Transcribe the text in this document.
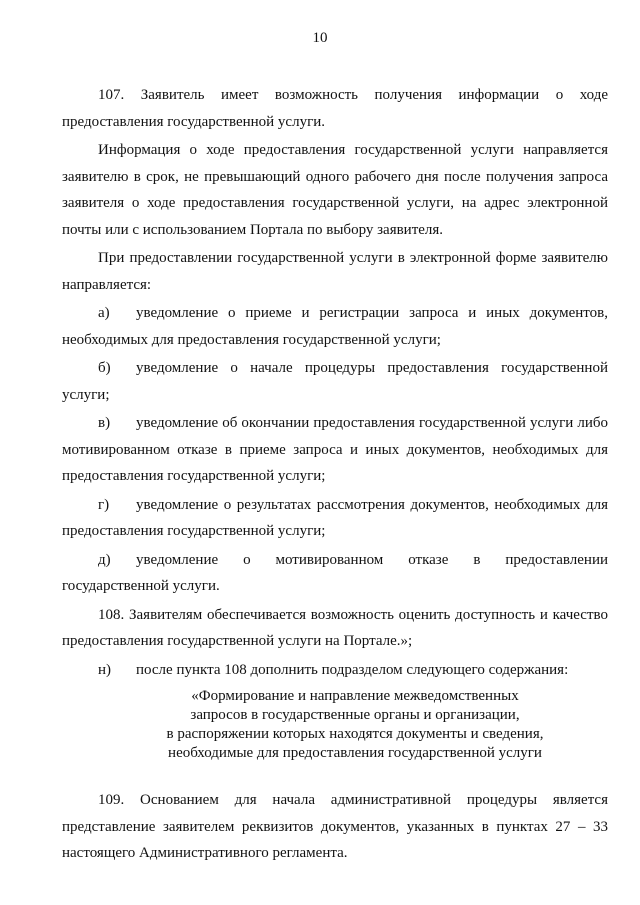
10

107. Заявитель имеет возможность получения информации о ходе предоставления государственной услуги.

Информация о ходе предоставления государственной услуги направляется заявителю в срок, не превышающий одного рабочего дня после получения запроса заявителя о ходе предоставления государственной услуги, на адрес электронной почты или с использованием Портала по выбору заявителя.

При предоставлении государственной услуги в электронной форме заявителю направляется:

а) уведомление о приеме и регистрации запроса и иных документов, необходимых для предоставления государственной услуги;

б) уведомление о начале процедуры предоставления государственной услуги;

в) уведомление об окончании предоставления государственной услуги либо мотивированном отказе в приеме запроса и иных документов, необходимых для предоставления государственной услуги;

г) уведомление о результатах рассмотрения документов, необходимых для предоставления государственной услуги;

д) уведомление о мотивированном отказе в предоставлении государственной услуги.

108. Заявителям обеспечивается возможность оценить доступность и качество предоставления государственной услуги на Портале.»;

н) после пункта 108 дополнить подразделом следующего содержания:

«Формирование и направление межведомственных
запросов в государственные органы и организации,
в распоряжении которых находятся документы и сведения,
необходимые для предоставления государственной услуги

109. Основанием для начала административной процедуры является представление заявителем реквизитов документов, указанных в пунктах 27 – 33 настоящего Административного регламента.
